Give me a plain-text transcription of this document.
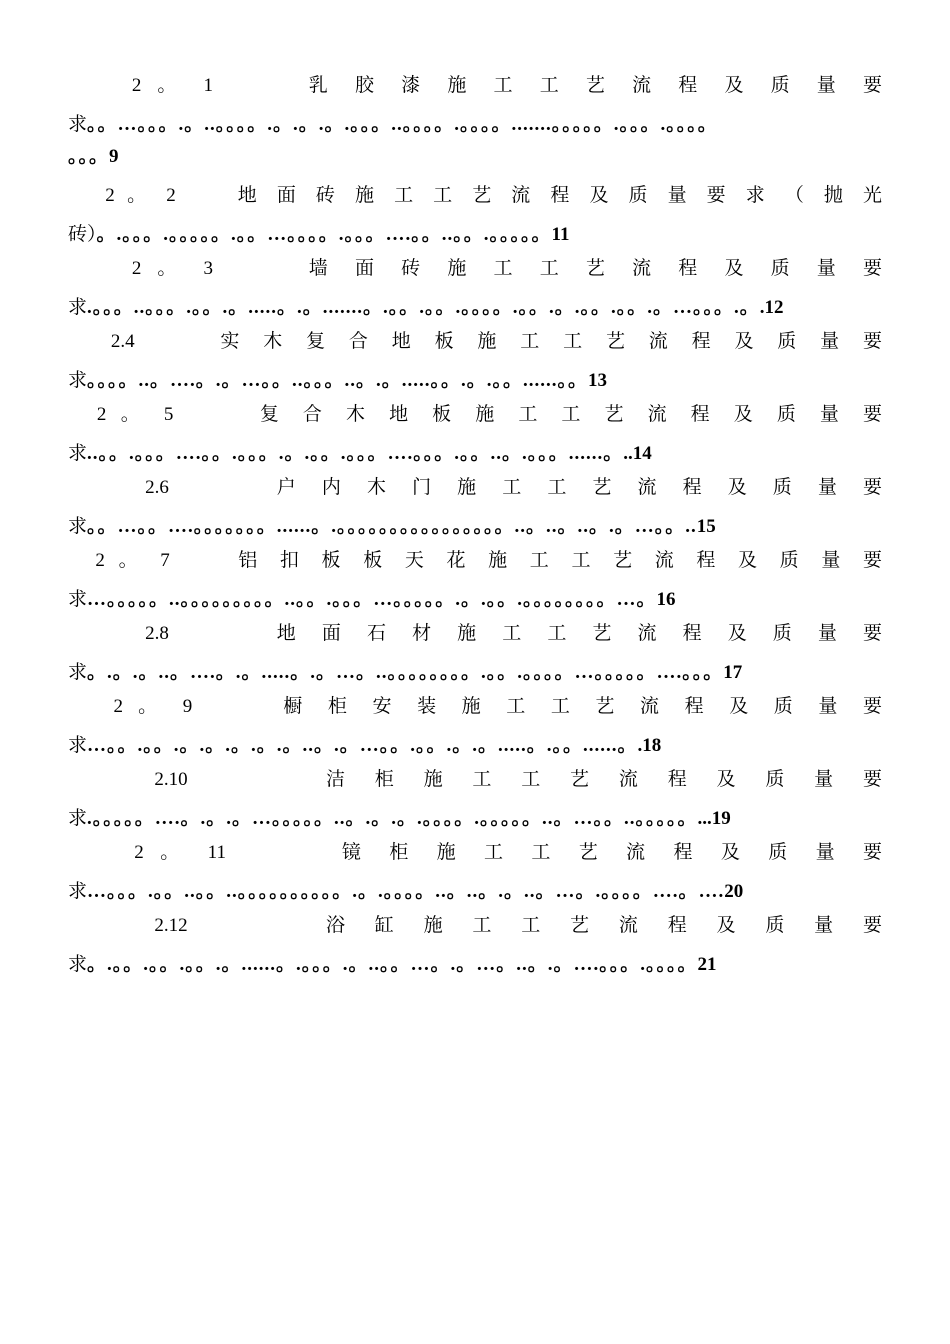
2 。 1      乳 胶 漆 施 工 工 艺 流 程 及 质 量 要
求。。…。。。.。..。。。。.。.。.。.。。。..。。。。.。。。。.......。。。。。.。。。.。。。。
。。。9
2 。 2     地 面 砖 施 工 工 艺 流 程 及 质 量 要 求 （ 抛 光
砖）。.。。。.。。。。。.。。…。。。。.。。。….。。..。。.。。。。。11
2 。 3      墙 面 砖 施 工 工 艺 流 程 及 质 量 要
求.。。。..。。。.。。.。.....。.。.......。.。。.。。.。。。。.。。.。.。。.。。.。…。。。.。.12
2.4      实 木 复 合 地 板 施 工 工 艺 流 程 及 质 量 要
求。。。。..。….。.。…。。..。。。..。.。.....。。.。.。。......。。13
2 。 5      复 合 木 地 板 施 工 工 艺 流 程 及 质 量 要
求..。。.。。。….。。.。。。.。.。。.。。。….。。。.。。..。.。。。......。..14
2.6       户 内 木 门 施 工 工 艺 流 程 及 质 量 要
求。。…。。….。。。。。。。......。.。。。。。。。。。。。。。。。。..。..。..。.。…。。..15
2 。 7     铝 扣 板 板 天 花 施 工 工 艺 流 程 及 质 量 要
求…。。。。。..。。。。。。。。。..。。.。。。…。。。。。.。.。。.。。。。。。。。…。16
2.8       地 面 石 材 施 工 工 艺 流 程 及 质 量 要
求。.。.。..。….。.。.....。.。…。..。。。。。。。。.。。.。。。。…。。。。。….。。。17
2 。 9      橱 柜 安 装 施 工 工 艺 流 程 及 质 量 要
求…。。.。。.。.。.。.。.。..。.。…。。.。。.。.。.....。.。。......。.18
2.10        洁 柜 施 工 工 艺 流 程 及 质 量 要
求.。。。。。….。.。.。…。。。。。..。.。.。.。。。。.。。。。。..。…。。..。。。。。...19
2 。 11       镜 柜 施 工 工 艺 流 程 及 质 量 要
求…。。。.。。..。。..。。。。。。。。。。.。.。。。。..。..。.。..。…。.。。。。….。….20
2.12        浴 缸 施 工 工 艺 流 程 及 质 量 要
求。.。。.。。.。。.。......。.。。。.。..。。…。.。…。..。.。….。。。.。。。。21
